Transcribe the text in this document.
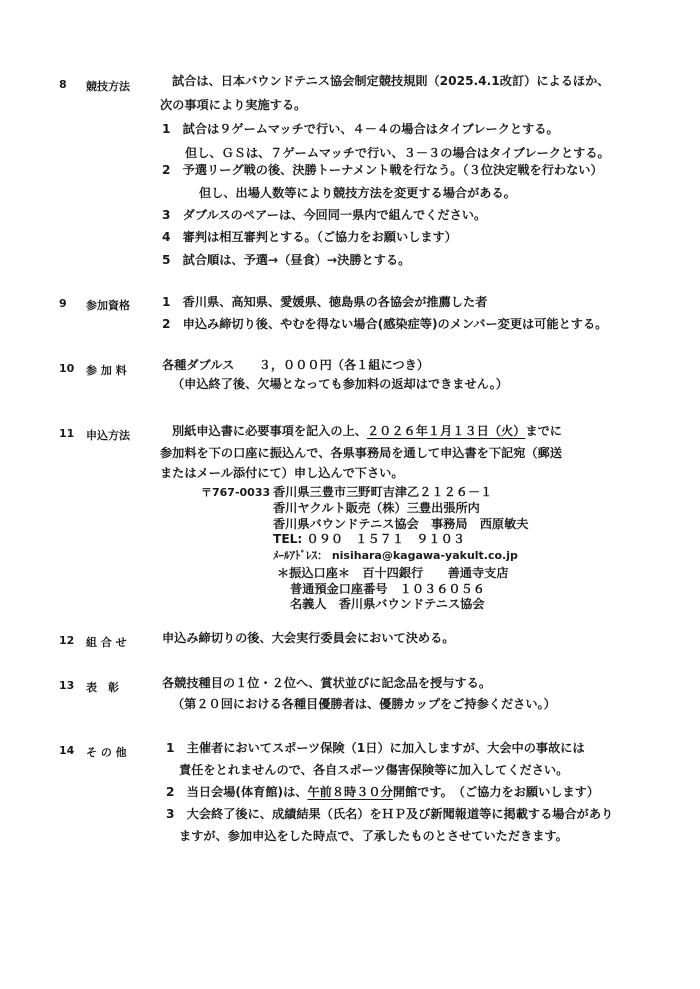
8 競技方法	試合は、日本バウンドテニス協会制定競技規則（2025.4.1改訂）によるほか、
次の事項により実施する。
1　試合は９ゲームマッチで行い、４－４の場合はタイブレークとする。
但し、ＧＳは、７ゲームマッチで行い、３－３の場合はタイブレークとする。
2　予選リーグ戦の後、決勝トーナメント戦を行なう。（３位決定戦を行わない）
但し、出場人数等により競技方法を変更する場合がある。
3　ダブルスのペアーは、今回同一県内で組んでください。
4　審判は相互審判とする。（ご協力をお願いします）
5　試合順は、予選→（昼食）→決勝とする。
9 参加資格	1　香川県、高知県、愛媛県、徳島県の各協会が推薦した者
2　申込み締切り後、やむを得ない場合(感染症等)のメンバー変更は可能とする。
10 参 加 料	各種ダブルス　　３，０００円（各１組につき）
（申込終了後、欠場となっても参加料の返却はできません。）
11 申込方法	別紙申込書に必要事項を記入の上、２０２６年１月１３日（火）までに
参加料を下の口座に振込んで、各県事務局を通して申込書を下記宛（郵送
またはメール添付にて）申し込んで下さい。
〒767-0033 香川県三豊市三野町吉津乙２１２６－１
香川ヤクルト販売（株）三豊出張所内
香川県バウンドテニス協会　事務局　西原敏夫
TEL: ０９０　１５７１　９１０３
ﾒｰﾙｱﾄﾞﾚｽ： nisihara@kagawa-yakult.co.jp
＊振込口座＊　百十四銀行　　善通寺支店
普通預金口座番号　１０３６０５６
名義人　香川県バウンドテニス協会
12 組 合 せ	申込み締切りの後、大会実行委員会において決める。
13 表　彰	各競技種目の１位・２位へ、賞状並びに記念品を授与する。
（第２０回における各種目優勝者は、優勝カップをご持参ください。）
14 そ の 他	1　主催者においてスポーツ保険（1日）に加入しますが、大会中の事故には
責任をとれませんので、各自スポーツ傷害保険等に加入してください。
2　当日会場(体育館)は、午前８時３０分開館です。　（ご協力をお願いします）
3　大会終了後に、成績結果（氏名）をＨＰ及び新聞報道等に掲載する場合があり
ますが、参加申込をした時点で、了承したものとさせていただきます。
